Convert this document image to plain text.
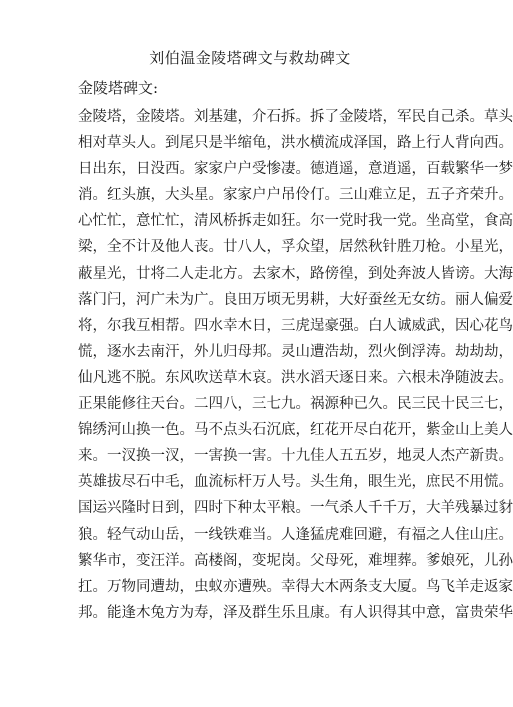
刘伯温金陵塔碑文与救劫碑文
金陵塔碑文:
金陵塔，金陵塔。刘基建，介石拆。拆了金陵塔，军民自己杀。草头
相对草头人。到尾只是半缩龟，洪水横流成泽国，路上行人背向西。
日出东，日没西。家家户户受惨凄。德逍遥，意逍遥，百载繁华一梦
消。红头旗，大头星。家家户户吊伶仃。三山难立足，五子齐荣升。
心忙忙，意忙忙，清风桥拆走如狂。尔一党时我一党。坐高堂，食高
梁，全不计及他人丧。廿八人，孚众望，居然秋针胜刀枪。小星光，
蔽星光，廿将二人走北方。去家木，路傍徨，到处奔波人皆谤。大海
落门闩，河广未为广。良田万顷无男耕，大好蚕丝无女纺。丽人偏爱
将，尔我互相帮。四水幸木日，三虎逞豪强。白人诚威武，因心花鸟
慌，逐水去南汗，外儿归母邦。灵山遭浩劫，烈火倒浮涛。劫劫劫，
仙凡逃不脱。东风吹送草木哀。洪水滔天逐日来。六根未净随波去。
正果能修往天台。二四八，三七九。祸源种已久。民三民十民三七，
锦绣河山换一色。马不点头石沉底，红花开尽白花开，紫金山上美人
来。一汊换一汊，一害换一害。十九佳人五五岁，地灵人杰产新贵。
英雄拔尽石中毛，血流标杆万人号。头生角，眼生光，庶民不用慌。
国运兴隆时日到，四时下种太平粮。一气杀人千千万，大羊残暴过豺
狼。轻气动山岳，一线铁难当。人逢猛虎难回避，有福之人住山庄。
繁华市，变汪洋。高楼阁，变坭岗。父母死，难埋葬。爹娘死，儿孙
扛。万物同遭劫，虫蚁亦遭殃。幸得大木两条支大厦。鸟飞羊走返家
邦。能逢木兔方为寿，泽及群生乐且康。有人识得其中意，富贵荣华
